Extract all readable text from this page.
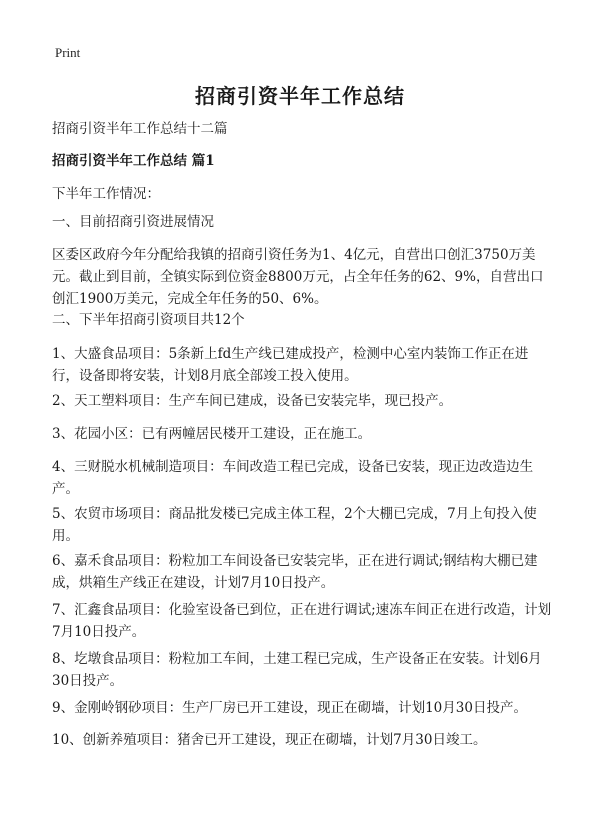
Print
招商引资半年工作总结
招商引资半年工作总结十二篇
招商引资半年工作总结 篇1
下半年工作情况：
一、目前招商引资进展情况
区委区政府今年分配给我镇的招商引资任务为1、4亿元，自营出口创汇3750万美元。截止到目前，全镇实际到位资金8800万元，占全年任务的62、9%，自营出口创汇1900万美元，完成全年任务的50、6%。
二、下半年招商引资项目共12个
1、大盛食品项目：5条新上fd生产线已建成投产，检测中心室内装饰工作正在进行，设备即将安装，计划8月底全部竣工投入使用。
2、天工塑料项目：生产车间已建成，设备已安装完毕，现已投产。
3、花园小区：已有两幢居民楼开工建设，正在施工。
4、三财脱水机械制造项目：车间改造工程已完成，设备已安装，现正边改造边生产。
5、农贸市场项目：商品批发楼已完成主体工程，2个大棚已完成，7月上旬投入使用。
6、嘉禾食品项目：粉粒加工车间设备已安装完毕，正在进行调试;钢结构大棚已建成，烘箱生产线正在建设，计划7月10日投产。
7、汇鑫食品项目：化验室设备已到位，正在进行调试;速冻车间正在进行改造，计划7月10日投产。
8、圪墩食品项目：粉粒加工车间，土建工程已完成，生产设备正在安装。计划6月30日投产。
9、金刚岭钢砂项目：生产厂房已开工建设，现正在砌墙，计划10月30日投产。
10、创新养殖项目：猪舍已开工建设，现正在砌墙，计划7月30日竣工。
